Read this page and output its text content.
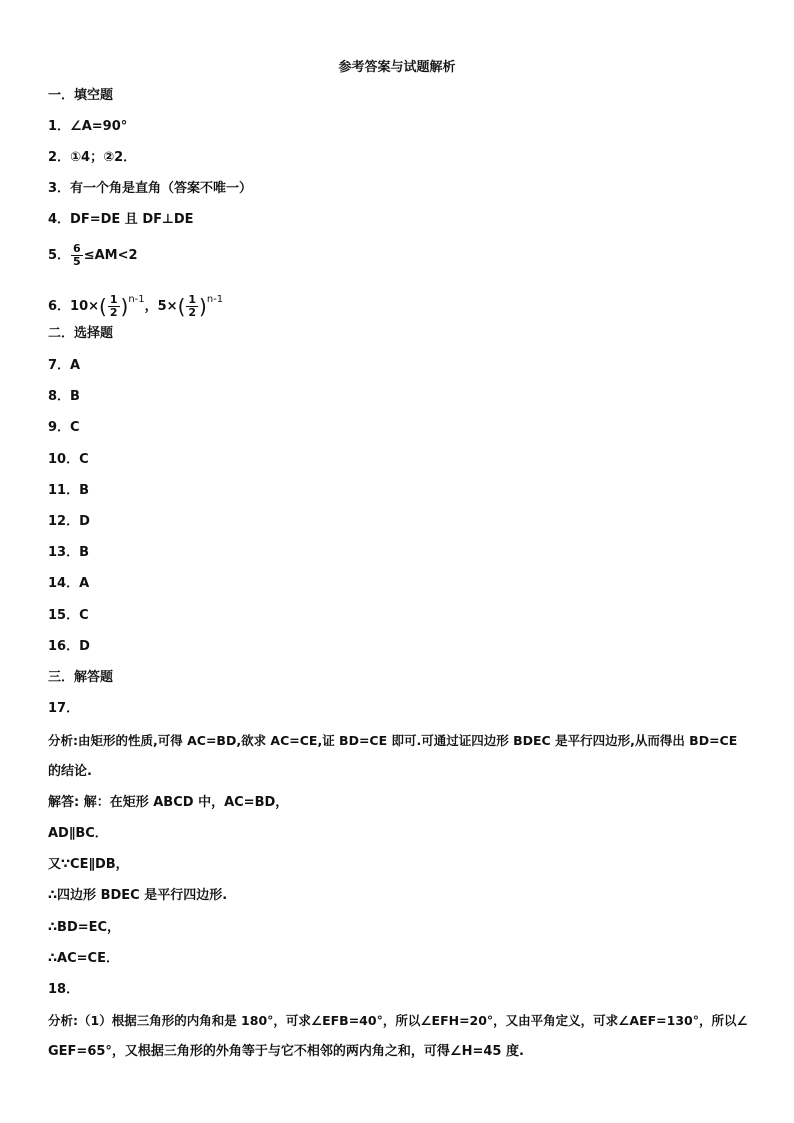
参考答案与试题解析
一．填空题
1．∠A=90°
2．①4；②2．
3．有一个角是直角（答案不唯一）
4．DF=DE 且 DF⊥DE
5． $\frac{6}{5} \le AM<2$
6．$10\times( \frac{1}{2} )^{n-1}$，$5\times( \frac{1}{2} )^{n-1}$
二．选择题
7．A
8．B
9．C
10．C
11．B
12．D
13．B
14．A
15．C
16．D
三．解答题
17．
分析:由矩形的性质,可得 AC=BD,欲求 AC=CE,证 BD=CE 即可.可通过证四边形 BDEC 是平行四边形,从而得出 BD=CE
的结论.
解答: 解：在矩形 ABCD 中，AC=BD，
AD∥BC．
又∵CE∥DB，
∴四边形 BDEC 是平行四边形.
∴BD=EC，
∴AC=CE．
18．
分析:（1）根据三角形的内角和是 180°，可求∠EFB=40°，所以∠EFH=20°，又由平角定义，可求∠AEF=130°，所以∠
GEF=65°，又根据三角形的外角等于与它不相邻的两内角之和，可得∠H=45 度.
